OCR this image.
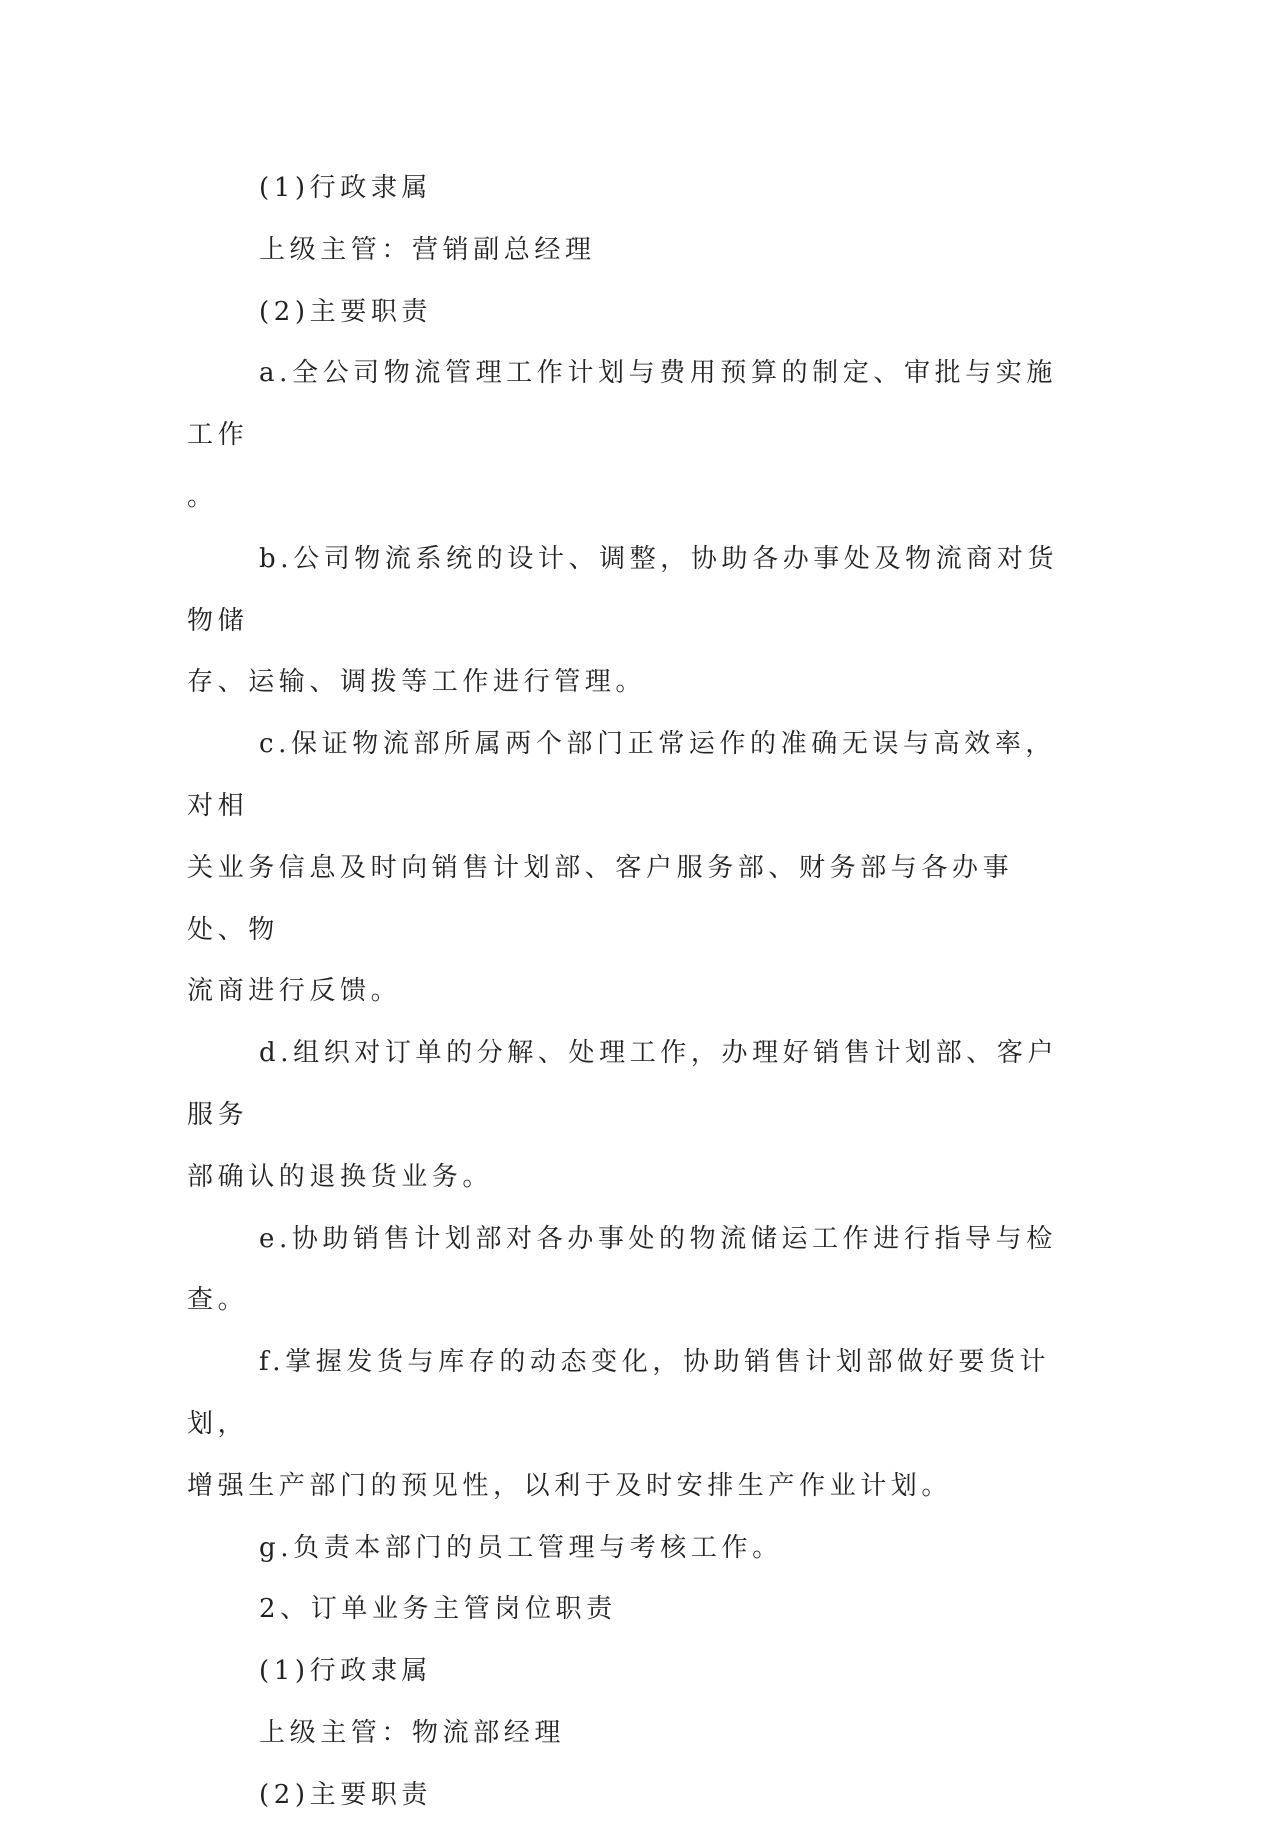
(1)行政隶属

上级主管：营销副总经理

(2)主要职责

a.全公司物流管理工作计划与费用预算的制定、审批与实施工作

。

b.公司物流系统的设计、调整，协助各办事处及物流商对货物储

存、运输、调拨等工作进行管理。

c.保证物流部所属两个部门正常运作的准确无误与高效率，对相

关业务信息及时向销售计划部、客户服务部、财务部与各办事处、物

流商进行反馈。

d.组织对订单的分解、处理工作，办理好销售计划部、客户服务

部确认的退换货业务。

e.协助销售计划部对各办事处的物流储运工作进行指导与检查。

f.掌握发货与库存的动态变化，协助销售计划部做好要货计划，

增强生产部门的预见性，以利于及时安排生产作业计划。

g.负责本部门的员工管理与考核工作。

2、订单业务主管岗位职责

(1)行政隶属

上级主管：物流部经理

(2)主要职责
